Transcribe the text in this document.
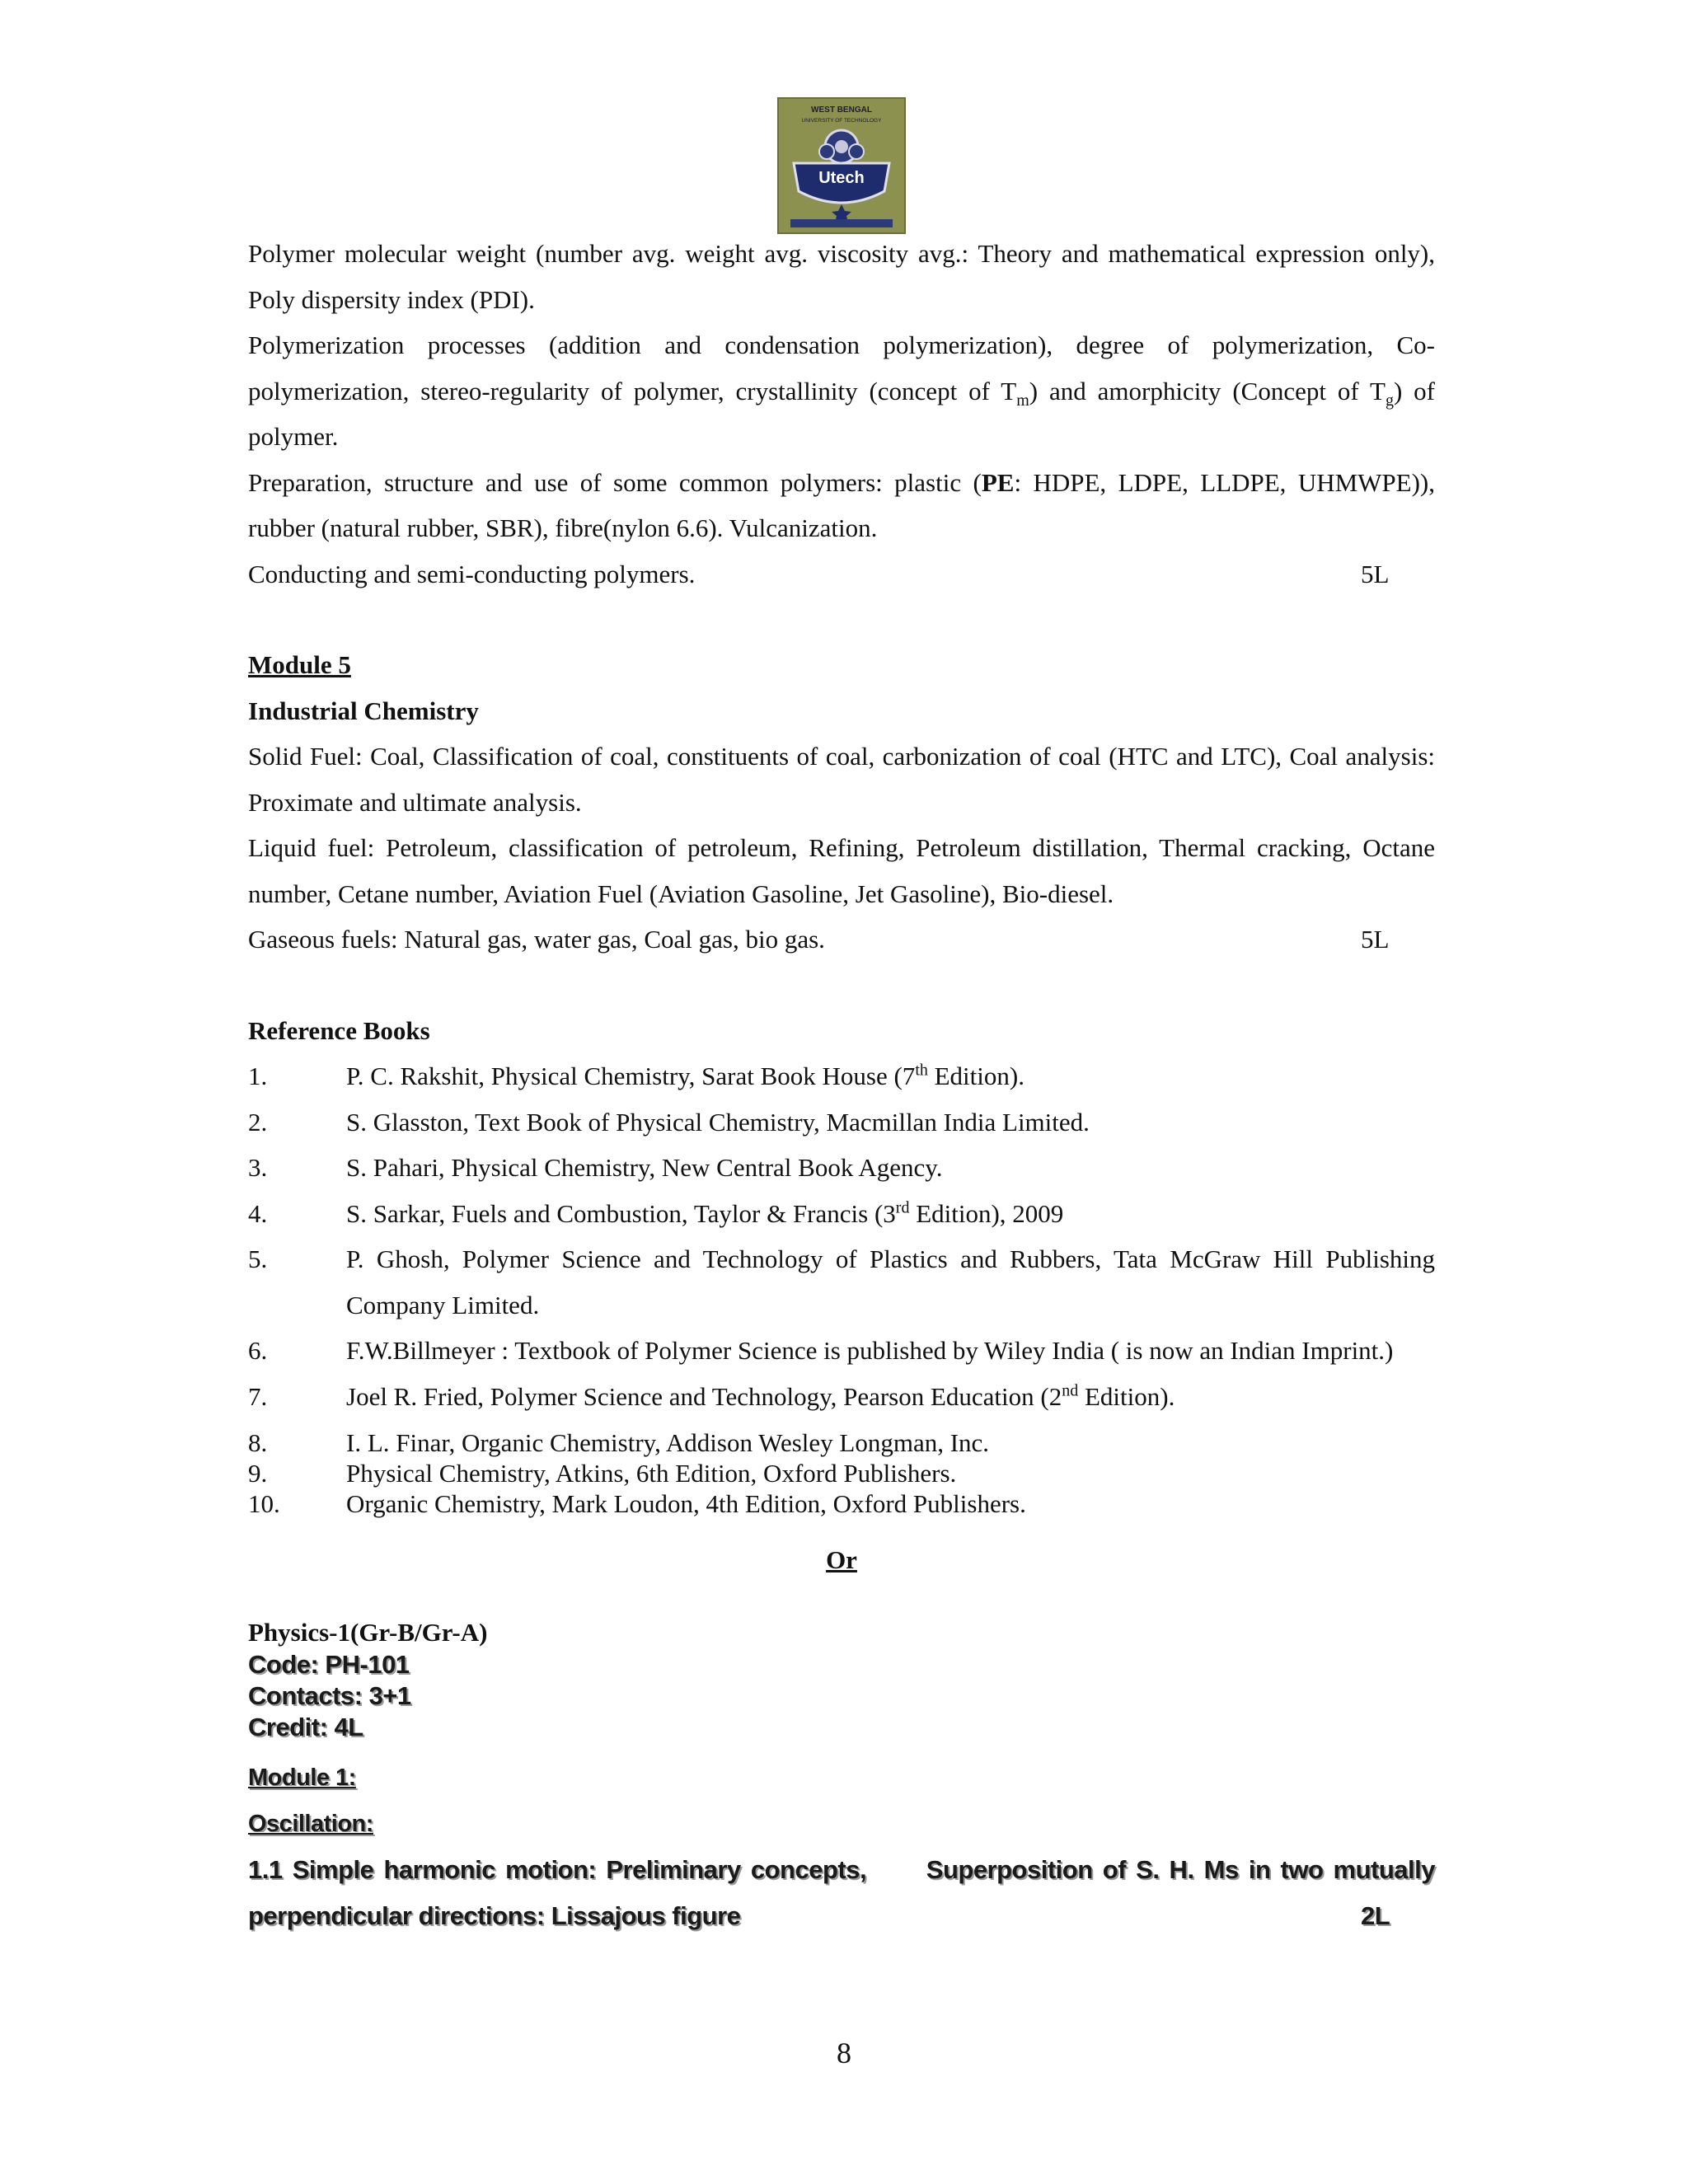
WEST BENGAL
UNIVERSITY OF TECHNOLOGY
Utech

Polymer molecular weight (number avg. weight avg. viscosity avg.: Theory and mathematical expression only), Poly dispersity index (PDI).

Polymerization processes (addition and condensation polymerization), degree of polymerization, Co-polymerization, stereo-regularity of polymer, crystallinity (concept of $T_m$) and amorphicity (Concept of $T_g$) of polymer.

Preparation, structure and use of some common polymers: plastic (PE: HDPE, LDPE, LLDPE, UHMWPE)), rubber (natural rubber, SBR), fibre(nylon 6.6). Vulcanization.

Conducting and semi-conducting polymers.	5L

Module 5

Industrial Chemistry

Solid Fuel: Coal, Classification of coal, constituents of coal, carbonization of coal (HTC and LTC), Coal analysis: Proximate and ultimate analysis.

Liquid fuel: Petroleum, classification of petroleum, Refining, Petroleum distillation, Thermal cracking, Octane number, Cetane number, Aviation Fuel (Aviation Gasoline, Jet Gasoline), Bio-diesel.

Gaseous fuels: Natural gas, water gas, Coal gas, bio gas.	5L

Reference Books

1.	P. C. Rakshit, Physical Chemistry, Sarat Book House (7th Edition).
2.	S. Glasston, Text Book of Physical Chemistry, Macmillan India Limited.
3.	S. Pahari, Physical Chemistry, New Central Book Agency.
4.	S. Sarkar, Fuels and Combustion, Taylor & Francis (3rd Edition), 2009
5.	P. Ghosh, Polymer Science and Technology of Plastics and Rubbers, Tata McGraw Hill Publishing Company Limited.
6.	F.W.Billmeyer : Textbook of Polymer Science is published by Wiley India ( is now an Indian Imprint.)
7.	Joel R. Fried, Polymer Science and Technology, Pearson Education (2nd Edition).
8.	I. L. Finar, Organic Chemistry, Addison Wesley Longman, Inc.
9.	Physical Chemistry, Atkins, 6th Edition, Oxford Publishers.
10.	Organic Chemistry, Mark Loudon, 4th Edition, Oxford Publishers.

Or

Physics-1(Gr-B/Gr-A)

Code: PH-101

Contacts: 3+1

Credit: 4L

Module 1:

Oscillation:

1.1 Simple harmonic motion: Preliminary concepts, Superposition of S. H. Ms in two mutually perpendicular directions: Lissajous figure	2L
8
